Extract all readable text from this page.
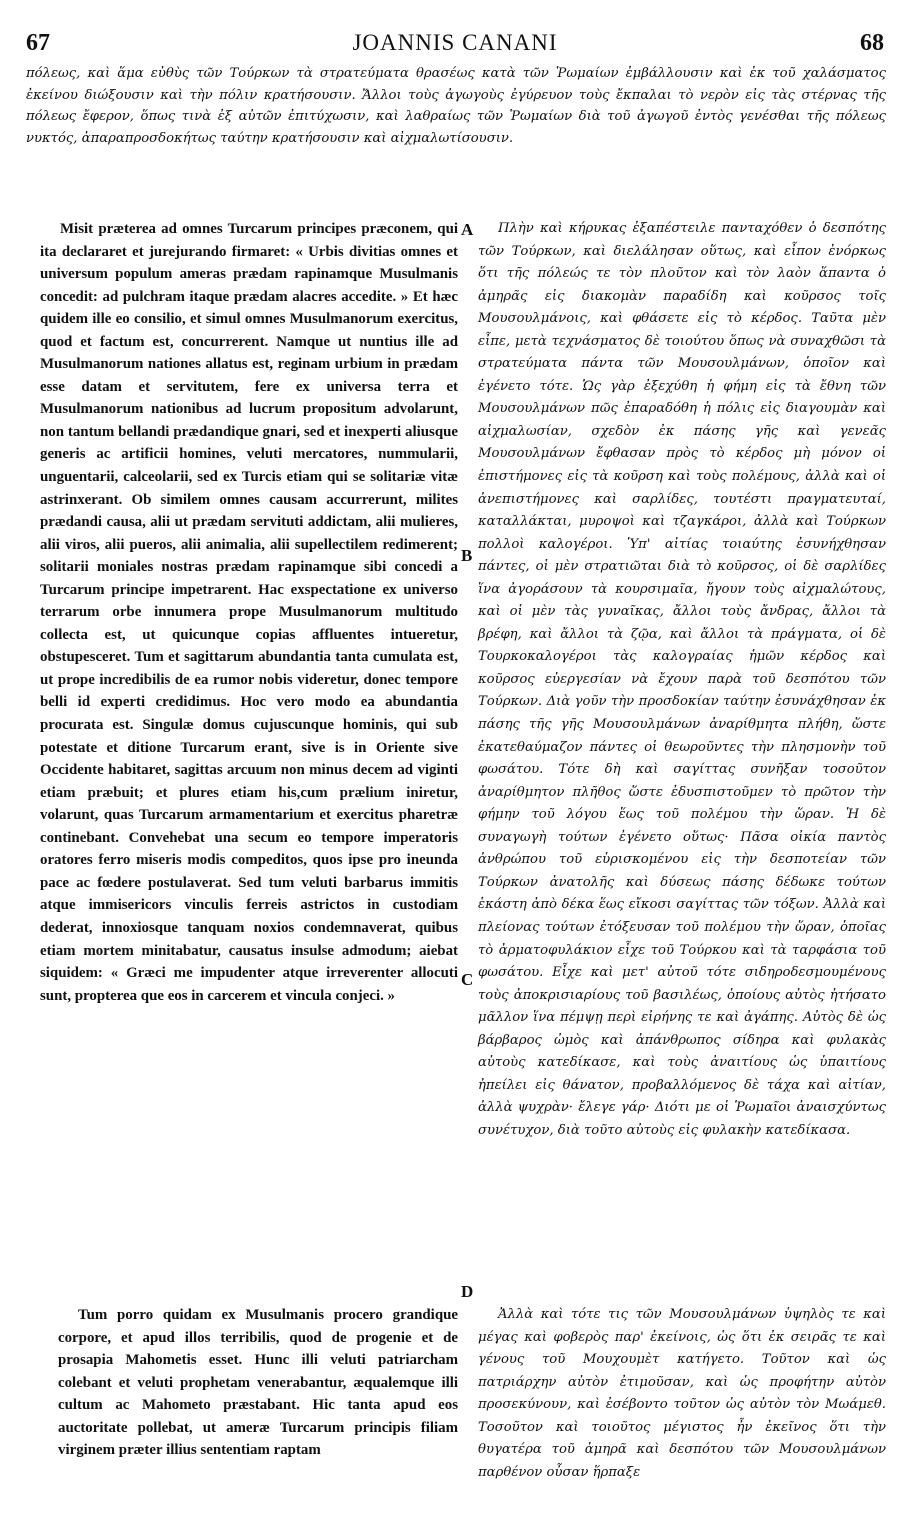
67	JOANNIS CANANI	68
πόλεως, καὶ ἅμα εὐθὺς τῶν Τούρκων τὰ στρατεύματα θρασέως κατὰ τῶν Ῥωμαίων ἐμβάλλουσιν καὶ ἐκ τοῦ χαλάσματος ἐκείνου διώξουσιν καὶ τὴν πόλιν κρατήσουσιν. Ἄλλοι τοὺς ἀγωγοὺς ἐγύρευον τοὺς ἔκπαλαι τὸ νερὸν εἰς τὰς στέρνας τῆς πόλεως ἔφερον, ὅπως τινὰ ἐξ αὐτῶν ἐπιτύχωσιν, καὶ λαθραίως τῶν Ῥωμαίων διὰ τοῦ ἀγωγοῦ ἐντὸς γενέσθαι τῆς πόλεως νυκτός, ἀπαραπροσδοκήτως ταύτην κρατήσουσιν καὶ αἰχμαλωτίσουσιν.

Misit præterea ad omnes Turcarum principes præconem, qui ita declararet et jurejurando firmaret: « Urbis divitias omnes et universum populum ameras prædam rapinamque Musulmanis concedit: ad pulchram itaque prædam alacres accedite. » Et hæc quidem ille eo consilio, et simul omnes Musulmanorum exercitus, quod et factum est, concurrerent. Namque ut nuntius ille ad Musulmanorum nationes allatus est, reginam urbium in prædam esse datam et servitutem, fere ex universa terra et Musulmanorum nationibus ad lucrum propositum advolarunt, non tantum bellandi prædandique gnari, sed et inexperti aliusque generis ac artificii homines, veluti mercatores, nummularii, unguentarii, calceolarii, sed ex Turcis etiam qui se solitariæ vitæ astrinxerant. Ob similem omnes causam accurrerunt, milites prædandi causa, alii ut prædam servituti addictam, alii mulieres, alii viros, alii pueros, alii animalia, alii supellectilem redimerent; solitarii moniales nostras prædam rapinamque sibi concedi a Turcarum principe impetrarent. Hac exspectatione ex universo terrarum orbe innumera prope Musulmanorum multitudo collecta est, ut quicunque copias affluentes intueretur, obstupesceret. Tum et sagittarum abundantia tanta cumulata est, ut prope incredibilis de ea rumor nobis videretur, donec tempore belli id experti credidimus. Hoc vero modo ea abundantia procurata est. Singulæ domus cujuscunque hominis, qui sub potestate et ditione Turcarum erant, sive is in Oriente sive Occidente habitaret, sagittas arcuum non minus decem ad viginti etiam præbuit; et plures etiam his,cum prælium iniretur, volarunt, quas Turcarum armamentarium et exercitus pharetræ continebant. Convehebat una secum eo tempore imperatoris oratores ferro miseris modis compeditos, quos ipse pro ineunda pace ac fœdere postulaverat. Sed tum veluti barbarus immitis atque immisericors vinculis ferreis astrictos in custodiam dederat, innoxiosque tanquam noxios condemnaverat, quibus etiam mortem minitabatur, causatus insulse admodum; aiebat siquidem: « Græci me impudenter atque irreverenter allocuti sunt, propterea que eos in carcerem et vincula conjeci. »

Πλὴν καὶ κήρυκας ἐξαπέστειλε πανταχόθεν ὁ δεσπότης τῶν Τούρκων, καὶ διελάλησαν οὕτως, καὶ εἶπον ἐνόρκως ὅτι τῆς πόλεώς τε τὸν πλοῦτον καὶ τὸν λαὸν ἅπαντα ὁ ἀμηρᾶς εἰς διακομὰν παραδίδη καὶ κοῦρσος τοῖς Μουσουλμάνοις, καὶ φθάσετε εἰς τὸ κέρδος. Ταῦτα μὲν εἶπε, μετὰ τεχνάσματος δὲ τοιούτου ὅπως νὰ συναχθῶσι τὰ στρατεύματα πάντα τῶν Μουσουλμάνων, ὁποῖον καὶ ἐγένετο τότε. Ὡς γὰρ ἐξεχύθη ἡ φήμη εἰς τὰ ἔθνη τῶν Μουσουλμάνων πῶς ἐπαραδόθη ἡ πόλις εἰς διαγουμὰν καὶ αἰχμαλωσίαν, σχεδὸν ἐκ πάσης γῆς καὶ γενεᾶς Μουσουλμάνων ἔφθασαν πρὸς τὸ κέρδος μὴ μόνον οἱ ἐπιστήμονες εἰς τὰ κοῦρση καὶ τοὺς πολέμους, ἀλλὰ καὶ οἱ ἀνεπιστήμονες καὶ σαρλίδες, τουτέστι πραγματευταί, καταλλάκται, μυροψοὶ καὶ τζαγκάροι, ἀλλὰ καὶ Τούρκων πολλοὶ καλογέροι. Ὑπ' αἰτίας τοιαύτης ἐσυνήχθησαν πάντες, οἱ μὲν στρατιῶται διὰ τὸ κοῦρσος, οἱ δὲ σαρλίδες ἵνα ἀγοράσουν τὰ κουρσιμαῖα, ἤγουν τοὺς αἰχμαλώτους, καὶ οἱ μὲν τὰς γυναῖκας, ἄλλοι τοὺς ἄνδρας, ἄλλοι τὰ βρέφη, καὶ ἄλλοι τὰ ζῷα, καὶ ἄλλοι τὰ πράγματα, οἱ δὲ Τουρκοκαλογέροι τὰς καλογραίας ἡμῶν κέρδος καὶ κοῦρσος εὐεργεσίαν νὰ ἔχουν παρὰ τοῦ δεσπότου τῶν Τούρκων. Διὰ γοῦν τὴν προσδοκίαν ταύτην ἐσυνάχθησαν ἐκ πάσης τῆς γῆς Μουσουλμάνων ἀναρίθμητα πλήθη, ὥστε ἐκατεθαύμαζον πάντες οἱ θεωροῦντες τὴν πλησμονὴν τοῦ φωσάτου. Τότε δὴ καὶ σαγίττας συνῆξαν τοσοῦτον ἀναρίθμητον πλῆθος ὥστε ἐδυσπιστοῦμεν τὸ πρῶτον τὴν φήμην τοῦ λόγου ἕως τοῦ πολέμου τὴν ὥραν. Ἡ δὲ συναγωγὴ τούτων ἐγένετο οὕτως· Πᾶσα οἰκία παντὸς ἀνθρώπου τοῦ εὑρισκομένου εἰς τὴν δεσποτείαν τῶν Τούρκων ἀνατολῆς καὶ δύσεως πάσης δέδωκε τούτων ἑκάστη ἀπὸ δέκα ἕως εἴκοσι σαγίττας τῶν τόξων. Ἀλλὰ καὶ πλείονας τούτων ἐτόξευσαν τοῦ πολέμου τὴν ὥραν, ὁποῖας τὸ ἀρματοφυλάκιον εἶχε τοῦ Τούρκου καὶ τὰ ταρφάσια τοῦ φωσάτου. Εἶχε καὶ μετ' αὐτοῦ τότε σιδηροδεσμουμένους τοὺς ἀποκρισιαρίους τοῦ βασιλέως, ὁποίους αὐτὸς ἠτήσατο μᾶλλον ἵνα πέμψῃ περὶ εἰρήνης τε καὶ ἀγάπης. Αὐτὸς δὲ ὡς βάρβαρος ὠμὸς καὶ ἀπάνθρωπος σίδηρα καὶ φυλακὰς αὐτοὺς κατεδίκασε, καὶ τοὺς ἀναιτίους ὡς ὑπαιτίους ἠπείλει εἰς θάνατον, προβαλλόμενος δὲ τάχα καὶ αἰτίαν, ἀλλὰ ψυχρὰν· ἔλεγε γάρ· Διότι με οἱ Ῥωμαῖοι ἀναισχύντως συνέτυχον, διὰ τοῦτο αὐτοὺς εἰς φυλακὴν κατεδίκασα.

Tum porro quidam ex Musulmanis procero grandique corpore, et apud illos terribilis, quod de progenie et de prosapia Mahometis esset. Hunc illi veluti patriarcham colebant et veluti prophetam venerabantur, æqualemque illi cultum ac Mahometo præstabant. Hic tanta apud eos auctoritate pollebat, ut ameræ Turcarum principis filiam virginem præter illius sententiam raptam

Ἀλλὰ καὶ τότε τις τῶν Μουσουλμάνων ὑψηλὸς τε καὶ μέγας καὶ φοβερὸς παρ' ἐκείνοις, ὡς ὅτι ἐκ σειρᾶς τε καὶ γένους τοῦ Μουχουμὲτ κατήγετο. Τοῦτον καὶ ὡς πατριάρχην αὐτὸν ἐτιμοῦσαν, καὶ ὡς προφήτην αὐτὸν προσεκύνουν, καὶ ἐσέβοντο τοῦτον ὡς αὐτὸν τὸν Μωάμεθ. Τοσοῦτον καὶ τοιοῦτος μέγιστος ἦν ἐκεῖνος ὅτι τὴν θυγατέρα τοῦ ἀμηρᾶ καὶ δεσπότου τῶν Μουσουλμάνων παρθένον οὖσαν ἥρπαξε

A
B
C
D
